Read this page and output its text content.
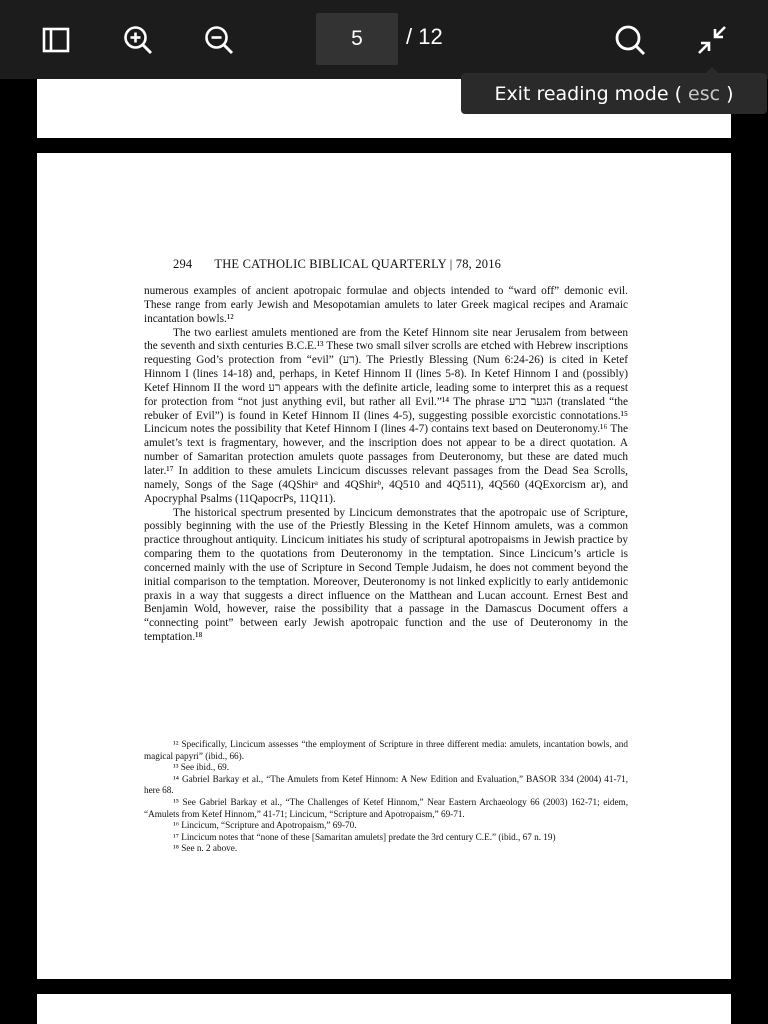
5	/ 12
Exit reading mode (
esc
)
294 THE CATHOLIC BIBLICAL QUARTERLY | 78, 2016

numerous examples of ancient apotropaic formulae and objects intended to “ward off” demonic evil. These range from early Jewish and Mesopotamian amulets to later Greek magical recipes and Aramaic incantation bowls.¹²

The two earliest amulets mentioned are from the Ketef Hinnom site near Jerusalem from between the seventh and sixth centuries B.C.E.¹³ These two small silver scrolls are etched with Hebrew inscriptions requesting God’s protection from “evil” (רע). The Priestly Blessing (Num 6:24-26) is cited in Ketef Hinnom I (lines 14-18) and, perhaps, in Ketef Hinnom II (lines 5-8). In Ketef Hinnom I and (possibly) Ketef Hinnom II the word רע appears with the definite article, leading some to interpret this as a request for protection from “not just anything evil, but rather all Evil.”¹⁴ The phrase הגער ברע (translated “the rebuker of Evil”) is found in Ketef Hinnom II (lines 4-5), suggesting possible exorcistic connotations.¹⁵ Lincicum notes the possibility that Ketef Hinnom I (lines 4-7) contains text based on Deuteronomy.¹⁶ The amulet’s text is fragmentary, however, and the inscription does not appear to be a direct quotation. A number of Samaritan protection amulets quote passages from Deuteronomy, but these are dated much later.¹⁷ In addition to these amulets Lincicum discusses relevant passages from the Dead Sea Scrolls, namely, Songs of the Sage (4QShirᵃ and 4QShirᵇ, 4Q510 and 4Q511), 4Q560 (4QExorcism ar), and Apocryphal Psalms (11QapocrPs, 11Q11).

The historical spectrum presented by Lincicum demonstrates that the apotropaic use of Scripture, possibly beginning with the use of the Priestly Blessing in the Ketef Hinnom amulets, was a common practice throughout antiquity. Lincicum initiates his study of scriptural apotropaisms in Jewish practice by comparing them to the quotations from Deuteronomy in the temptation. Since Lincicum’s article is concerned mainly with the use of Scripture in Second Temple Judaism, he does not comment beyond the initial comparison to the temptation. Moreover, Deuteronomy is not linked explicitly to early antidemonic praxis in a way that suggests a direct influence on the Matthean and Lucan account. Ernest Best and Benjamin Wold, however, raise the possibility that a passage in the Damascus Document offers a “connecting point” between early Jewish apotropaic function and the use of Deuteronomy in the temptation.¹⁸

¹² Specifically, Lincicum assesses “the employment of Scripture in three different media: amulets, incantation bowls, and magical papyri” (ibid., 66).

¹³ See ibid., 69.

¹⁴ Gabriel Barkay et al., “The Amulets from Ketef Hinnom: A New Edition and Evaluation,” BASOR 334 (2004) 41-71, here 68.

¹⁵ See Gabriel Barkay et al., “The Challenges of Ketef Hinnom,” Near Eastern Archaeology 66 (2003) 162-71; eidem, “Amulets from Ketef Hinnom,” 41-71; Lincicum, “Scripture and Apotropaism,” 69-71.

¹⁶ Lincicum, “Scripture and Apotropaism,” 69-70.

¹⁷ Lincicum notes that “none of these [Samaritan amulets] predate the 3rd century C.E.” (ibid., 67 n. 19)

¹⁸ See n. 2 above.
